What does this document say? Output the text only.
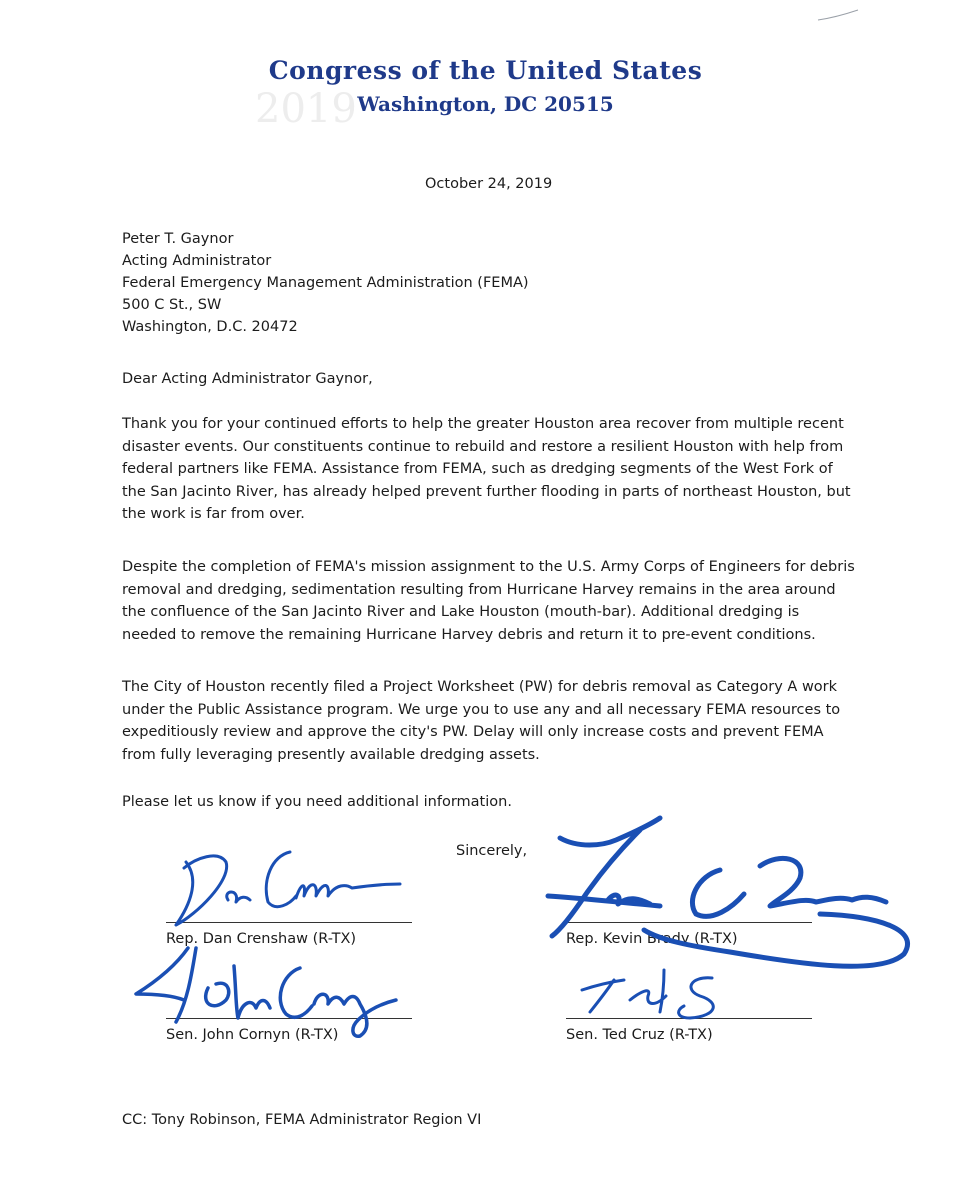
2019
Congress of the United States
Washington, DC 20515
October 24, 2019
Peter T. Gaynor
Acting Administrator
Federal Emergency Management Administration (FEMA)
500 C St., SW
Washington, D.C. 20472
Dear Acting Administrator Gaynor,

Thank you for your continued efforts to help the greater Houston area recover from multiple recent disaster events. Our constituents continue to rebuild and restore a resilient Houston with help from federal partners like FEMA. Assistance from FEMA, such as dredging segments of the West Fork of the San Jacinto River, has already helped prevent further flooding in parts of northeast Houston, but the work is far from over.

Despite the completion of FEMA's mission assignment to the U.S. Army Corps of Engineers for debris removal and dredging, sedimentation resulting from Hurricane Harvey remains in the area around the confluence of the San Jacinto River and Lake Houston (mouth-bar). Additional dredging is needed to remove the remaining Hurricane Harvey debris and return it to pre-event conditions.

The City of Houston recently filed a Project Worksheet (PW) for debris removal as Category A work under the Public Assistance program. We urge you to use any and all necessary FEMA resources to expeditiously review and approve the city's PW. Delay will only increase costs and prevent FEMA from fully leveraging presently available dredging assets.

Please let us know if you need additional information.

Sincerely,
Rep. Dan Crenshaw (R-TX)	Rep. Kevin Brady (R-TX)
Sen. John Cornyn (R-TX)	Sen. Ted Cruz (R-TX)
CC: Tony Robinson, FEMA Administrator Region VI
